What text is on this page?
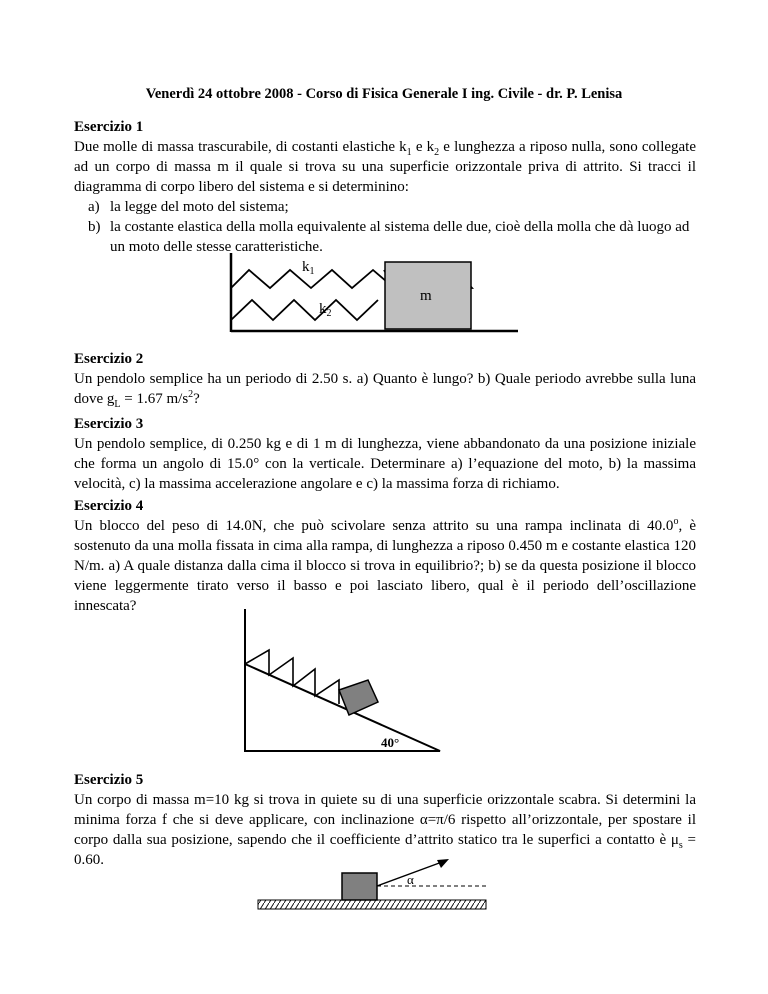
Venerdì 24 ottobre 2008 - Corso di Fisica Generale I ing. Civile - dr. P. Lenisa
Esercizio 1

Due molle di massa trascurabile, di costanti elastiche $k_1$ e $k_2$ e lunghezza a riposo nulla, sono collegate ad un corpo di massa m il quale si trova su una superficie orizzontale priva di attrito. Si tracci il diagramma di corpo libero del sistema e si determinino:

a) la legge del moto del sistema;
b) la costante elastica della molla equivalente al sistema delle due, cioè della molla che dà luogo ad un moto delle stesse caratteristiche.
$k_1$
$k_2$
m
Esercizio 2

Un pendolo semplice ha un periodo di 2.50 s. a) Quanto è lungo? b) Quale periodo avrebbe sulla luna dove $g_L = 1.67$ $m/s^2$?

Esercizio 3

Un pendolo semplice, di 0.250 kg e di 1 m di lunghezza, viene abbandonato da una posizione iniziale che forma un angolo di 15.0° con la verticale. Determinare a) l’equazione del moto, b) la massima velocità, c) la massima accelerazione angolare e c) la massima forza di richiamo.

Esercizio 4

Un blocco del peso di 14.0N, che può scivolare senza attrito su una rampa inclinata di 40.0$^o$, è sostenuto da una molla fissata in cima alla rampa, di lunghezza a riposo 0.450 m e costante elastica 120 N/m. a) A quale distanza dalla cima il blocco si trova in equilibrio?; b) se da questa posizione il blocco viene leggermente tirato verso il basso e poi lasciato libero, qual è il periodo dell’oscillazione innescata?

40°
Esercizio 5

Un corpo di massa m=10 kg si trova in quiete su di una superficie orizzontale scabra. Si determini la minima forza f che si deve applicare, con inclinazione α=π/6 rispetto all’orizzontale, per spostare il corpo dalla sua posizione, sapendo che il coefficiente d’attrito statico tra le superfici a contatto è $\mu_s = 0.60$.

α
